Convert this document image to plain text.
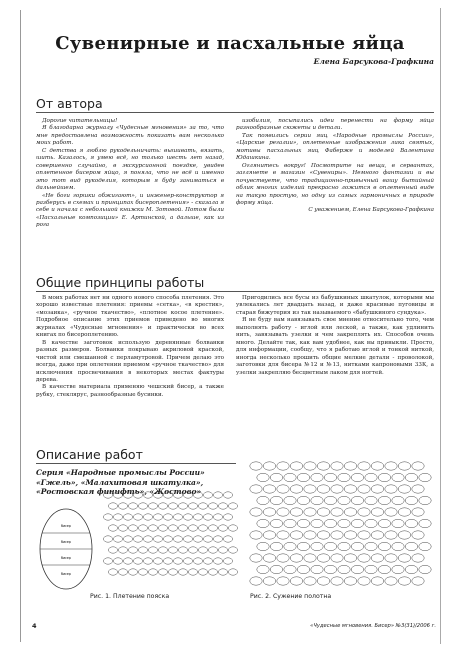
Сувенирные и пасхальные яйца
Елена Барсукова-Графкина
От автора

Дорогие читательницы!

Я благодарна журналу «Чудесные мгновения» за то, что мне предоставлена возможность показать вам несколько моих работ.

С детства я люблю рукодельничать: вышивать, вязать, шить. Казалось, я умею всё, но только шесть лет назад, совершенно случайно, в экскурсионной поездке, увидев оплетенное бисером яйцо, я поняла, что не всё и именно это тот вид рукоделия, которым я буду заниматься в дальнейшем.

«Не боги горшки обжигают», и инженер-конструктор я разберусь в схемах и принципах бисероплетения» - сказала я себе и начала с небольшой книжки М. Зотовой. Потом были «Пасхальные композиции» Е. Артинской, а дальше, как из рога

изобилия, посыпались идеи перенести на форму яйца разнообразные сюжеты и детали.

Так появились серии яиц «Народные промыслы России», «Царские регалии», оплетенные изображения лика святых, мотивы пасхальных яиц Фаберже и моделей Валентина Юдашкина.

Оглянитесь вокруг! Посмотрите на вещи, в сервантах, заглянете в магазин «Сувениры». Немного фантазии и вы почувствуете, что традиционно-привычный вашу бытийный облик многих изделий прекрасно ложится в оплетенный виде на такую простую, но одну из самых гармоничных в природе форму яйца.

С уважением, Елена Барсукова-Графкина

Общие принципы работы

В моих работах нет ни одного нового способа плетения. Это хорошо известные плетения: приемы «сетка», «в крестик», «мозаика», «ручное ткачество», «плотное косое плетение». Подробное описание этих приемов приведено во многих журналах «Чудесные мгновения» и практически во всех книгах по бисероплетению.

В качестве заготовок использую деревянные болванки разных размеров. Болванки покрываю акриловой краской, чистой или смешанной с перламутровой. Причем делаю это всегда, даже при оплетении приемом «ручное ткачество» для исключения просвечивания в некоторых местах фактуры дерева.

В качестве материала применяю чешский бисер, а также рубку, стеклярус, разнообразные бусинки.

Пригодились все бусы из бабушкиных шкатулок, которыми мы увлекались лет двадцать назад, и даже красивые пуговицы и старая бижутерия из так называемого «бабушкиного сундука».

Я не буду вам навязывать свое мнение относительно того, чем выполнять работу - иглой или леской, а также, как удлинить нить, завязывать узелки и чем закреплять их. Способов очень много. Делайте так, как вам удобнее, как вы привыкли. Просто, для информации, сообщу, что я работаю иглой и тонкой ниткой, иногда несколько прошить общие мелкие детали - проволокой, заготовки для бисера №12 и №13, нитками капроновыми 33К, а узелки закрепляю бесцветным лаком для ногтей.

Описание работ
Серия «Народные промыслы России» «Гжель», «Малахитовая шкатулка», «Ростовская финифть», «Жостово»
бисер
бисер
бисер
бисер
Рис. 1. Плетение пояска	Рис. 2. Сужение полотна
4	«Чудесные мгновения. Бисер» №3(31)/2006 г.
